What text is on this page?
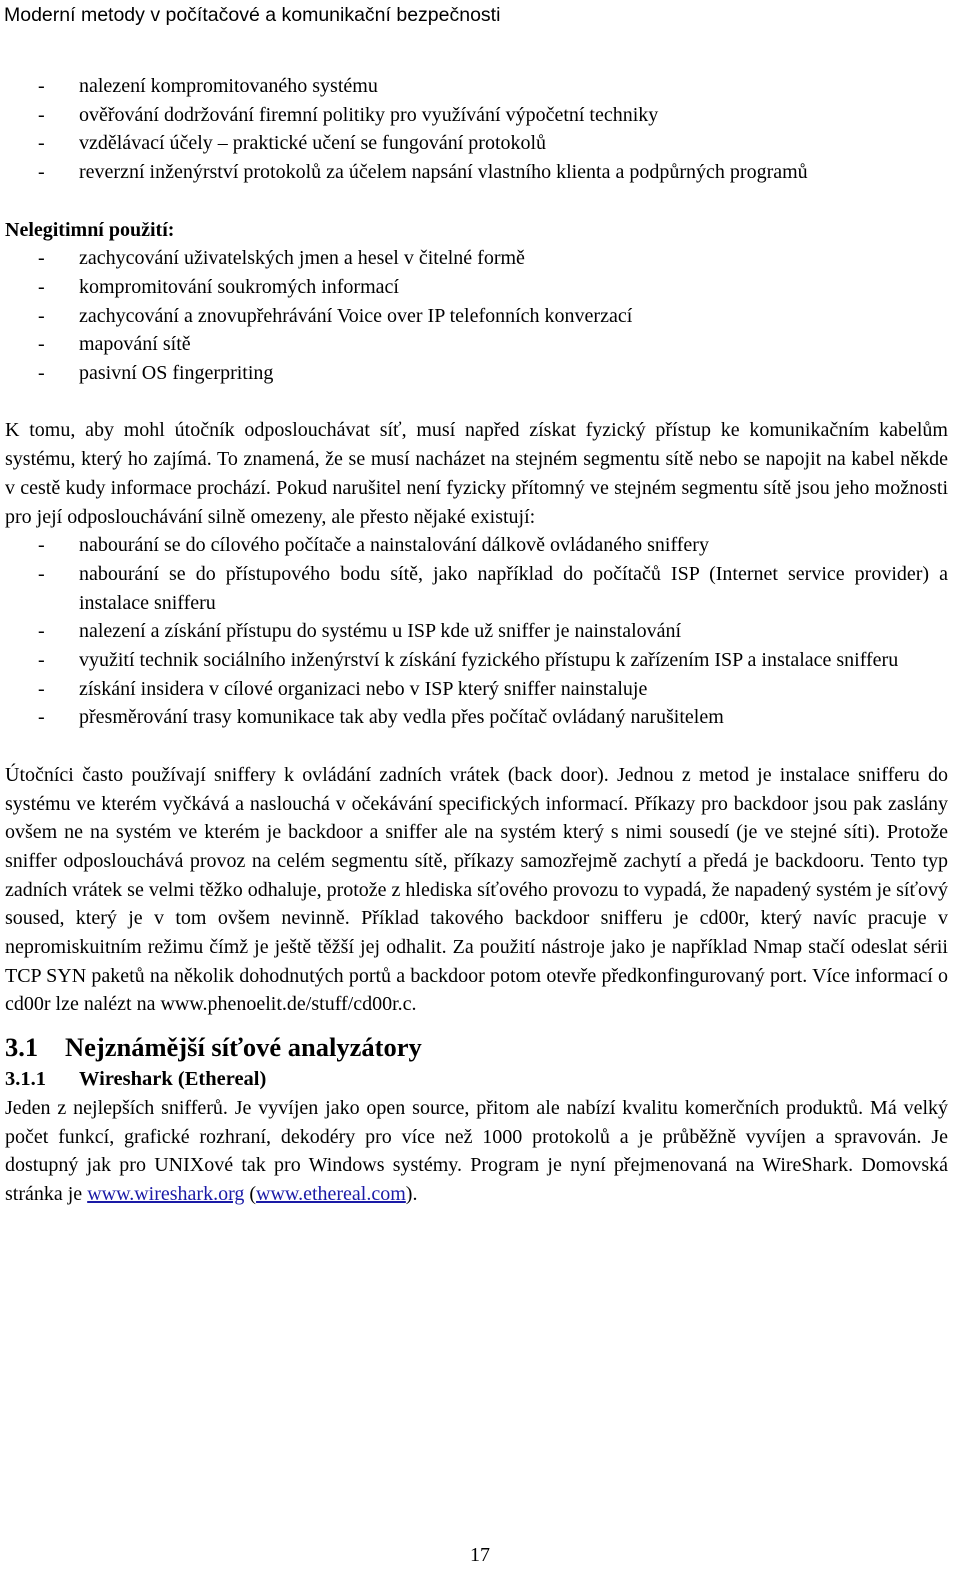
Moderní metody v počítačové a komunikační bezpečnosti
- nalezení kompromitovaného systému
- ověřování dodržování firemní politiky pro využívání výpočetní techniky
- vzdělávací účely – praktické učení se fungování protokolů
- reverzní inženýrství protokolů za účelem napsání vlastního klienta a podpůrných programů
Nelegitimní použití:
- zachycování uživatelských jmen a hesel v čitelné formě
- kompromitování soukromých informací
- zachycování a znovupřehrávání Voice over IP telefonních konverzací
- mapování sítě
- pasivní OS fingerpriting

K tomu, aby mohl útočník odposlouchávat síť, musí napřed získat fyzický přístup ke komunikačním kabelům systému, který ho zajímá. To znamená, že se musí nacházet na stejném segmentu sítě nebo se napojit na kabel někde v cestě kudy informace prochází. Pokud narušitel není fyzicky přítomný ve stejném segmentu sítě jsou jeho možnosti pro její odposlouchávání silně omezeny, ale přesto nějaké existují:

- nabourání se do cílového počítače a nainstalování dálkově ovládaného sniffery
- nabourání se do přístupového bodu sítě, jako například do počítačů ISP (Internet service provider) a instalace snifferu
- nalezení a získání přístupu do systému u ISP kde už sniffer je nainstalování
- využití technik sociálního inženýrství k získání fyzického přístupu k zařízením ISP a instalace snifferu
- získání insidera v cílové organizaci nebo v ISP který sniffer nainstaluje
- přesměrování trasy komunikace tak aby vedla přes počítač ovládaný narušitelem

Útočníci často používají sniffery k ovládání zadních vrátek (back door). Jednou z metod je instalace snifferu do systému ve kterém vyčkává a naslouchá v očekávání specifických informací. Příkazy pro backdoor jsou pak zaslány ovšem ne na systém ve kterém je backdoor a sniffer ale na systém který s nimi sousedí (je ve stejné síti). Protože sniffer odposlouchává provoz na celém segmentu sítě, příkazy samozřejmě zachytí a předá je backdooru. Tento typ zadních vrátek se velmi těžko odhaluje, protože z hlediska síťového provozu to vypadá, že napadený systém je síťový soused, který je v tom ovšem nevinně. Příklad takového backdoor snifferu je cd00r, který navíc pracuje v nepromiskuitním režimu čímž je ještě těžší jej odhalit. Za použití nástroje jako je například Nmap stačí odeslat sérii TCP SYN paketů na několik dohodnutých portů a backdoor potom otevře předkonfingurovaný port. Více informací o cd00r lze nalézt na www.phenoelit.de/stuff/cd00r.c.

3.1 Nejznámější síťové analyzátory
3.1.1 Wireshark (Ethereal)

Jeden z nejlepších snifferů. Je vyvíjen jako open source, přitom ale nabízí kvalitu komerčních produktů. Má velký počet funkcí, grafické rozhraní, dekodéry pro více než 1000 protokolů a je průběžně vyvíjen a spravován. Je dostupný jak pro UNIXové tak pro Windows systémy. Program je nyní přejmenovaná na WireShark. Domovská stránka je www.wireshark.org (www.ethereal.com).

17
